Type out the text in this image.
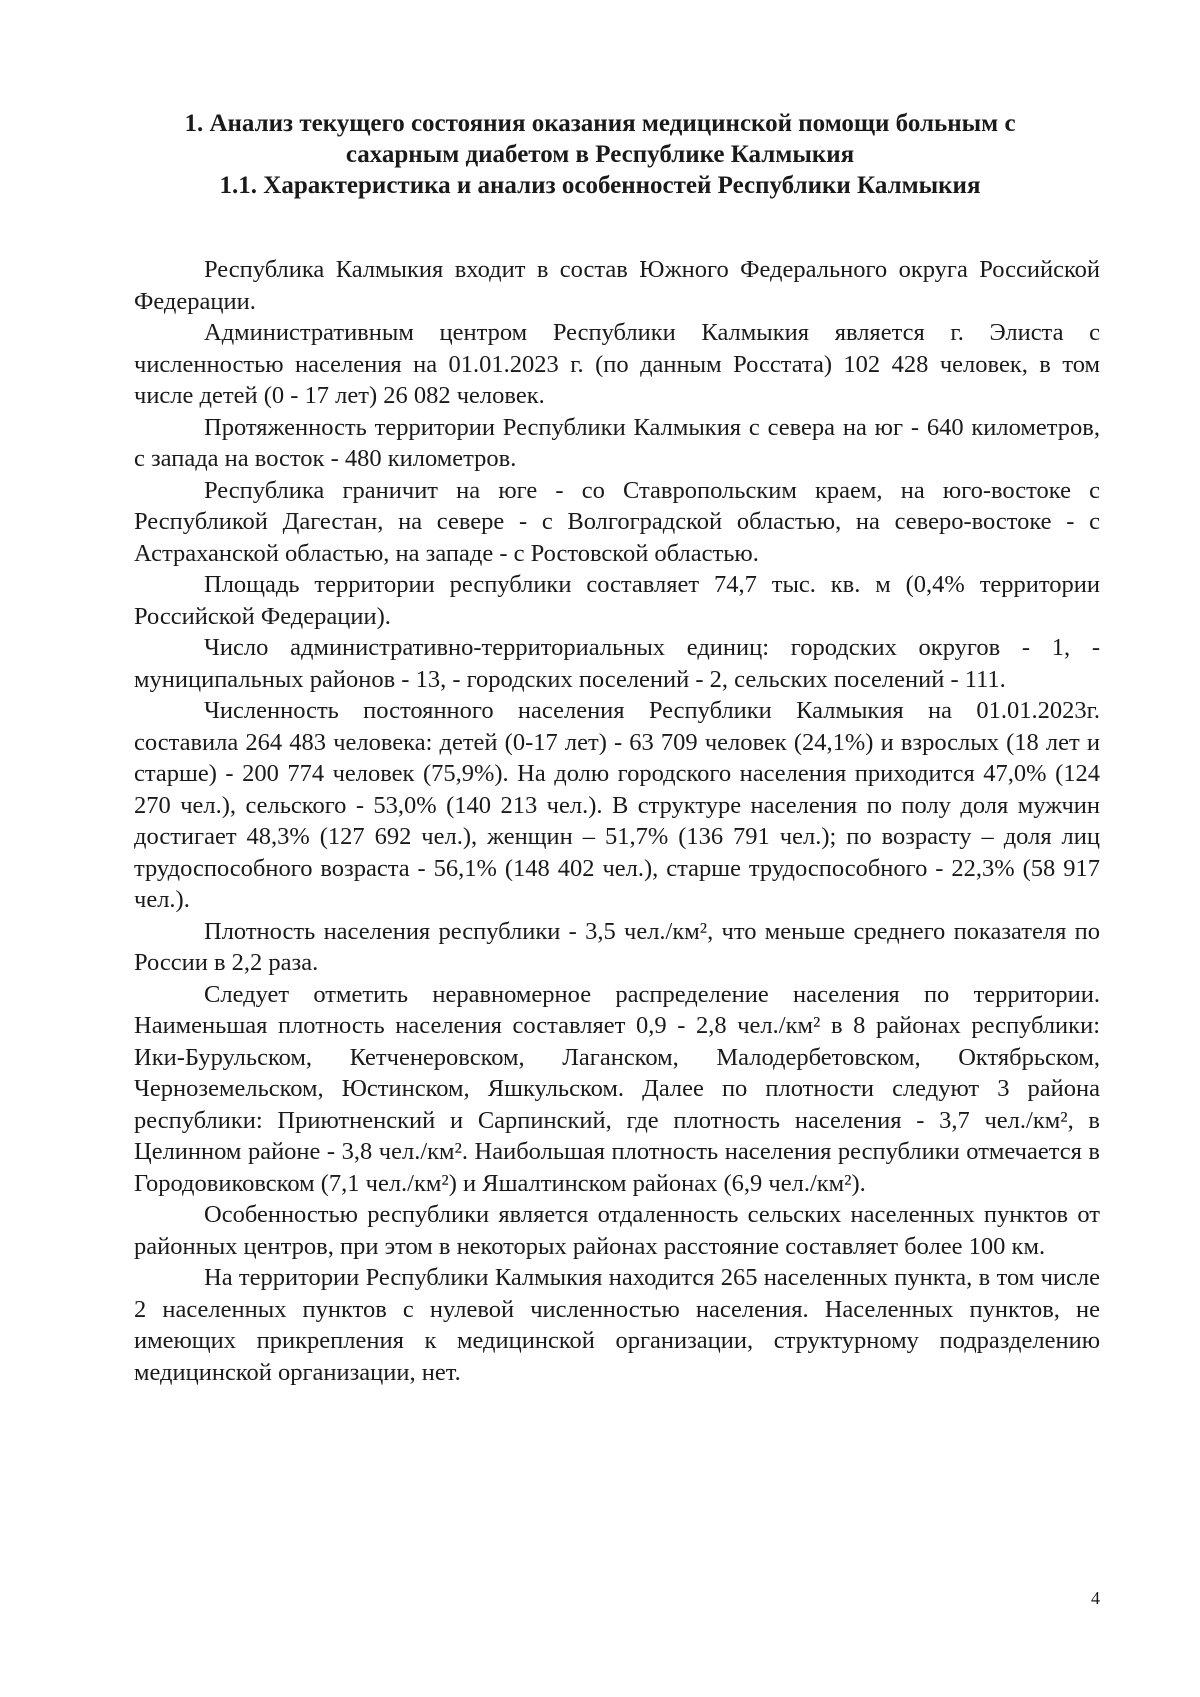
1. Анализ текущего состояния оказания медицинской помощи больным с
сахарным диабетом в Республике Калмыкия
1.1. Характеристика и анализ особенностей Республики Калмыкия

Республика Калмыкия входит в состав Южного Федерального округа Российской Федерации.

Административным центром Республики Калмыкия является г. Элиста с численностью населения на 01.01.2023 г. (по данным Росстата) 102 428 человек, в том числе детей (0 - 17 лет) 26 082 человек.

Протяженность территории Республики Калмыкия с севера на юг - 640 километров, с запада на восток - 480 километров.

Республика граничит на юге - со Ставропольским краем, на юго-востоке с Республикой Дагестан, на севере - с Волгоградской областью, на северо-востоке - с Астраханской областью, на западе - с Ростовской областью.

Площадь территории республики составляет 74,7 тыс. кв. м (0,4% территории Российской Федерации).

Число административно-территориальных единиц: городских округов - 1, - муниципальных районов - 13, - городских поселений - 2, сельских поселений - 111.

Численность постоянного населения Республики Калмыкия на 01.01.2023г. составила 264 483 человека: детей (0-17 лет) - 63 709 человек (24,1%) и взрослых (18 лет и старше) - 200 774 человек (75,9%). На долю городского населения приходится 47,0% (124 270 чел.), сельского - 53,0% (140 213 чел.). В структуре населения по полу доля мужчин достигает 48,3% (127 692 чел.), женщин – 51,7% (136 791 чел.); по возрасту – доля лиц трудоспособного возраста - 56,1% (148 402 чел.), старше трудоспособного - 22,3% (58 917 чел.).

Плотность населения республики - 3,5 чел./км², что меньше среднего показателя по России в 2,2 раза.

Следует отметить неравномерное распределение населения по территории. Наименьшая плотность населения составляет 0,9 - 2,8 чел./км² в 8 районах республики: Ики-Бурульском, Кетченеровском, Лаганском, Малодербетовском, Октябрьском, Черноземельском, Юстинском, Яшкульском. Далее по плотности следуют 3 района республики: Приютненский и Сарпинский, где плотность населения - 3,7 чел./км², в Целинном районе - 3,8 чел./км². Наибольшая плотность населения республики отмечается в Городовиковском (7,1 чел./км²) и Яшалтинском районах (6,9 чел./км²).

Особенностью республики является отдаленность сельских населенных пунктов от районных центров, при этом в некоторых районах расстояние составляет более 100 км.

На территории Республики Калмыкия находится 265 населенных пункта, в том числе 2 населенных пунктов с нулевой численностью населения. Населенных пунктов, не имеющих прикрепления к медицинской организации, структурному подразделению медицинской организации, нет.

4
